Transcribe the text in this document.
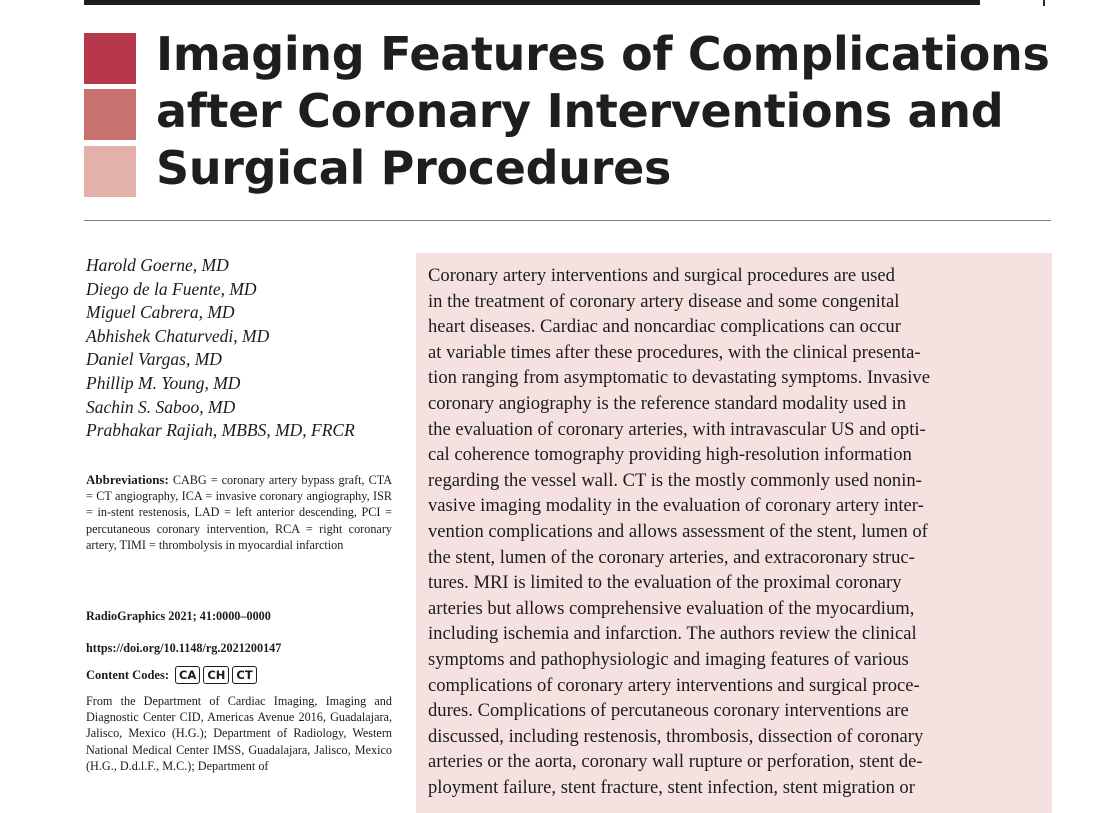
Imaging Features of Complications after Coronary Interventions and Surgical Procedures
Harold Goerne, MD
Diego de la Fuente, MD
Miguel Cabrera, MD
Abhishek Chaturvedi, MD
Daniel Vargas, MD
Phillip M. Young, MD
Sachin S. Saboo, MD
Prabhakar Rajiah, MBBS, MD, FRCR
Abbreviations: CABG = coronary artery bypass graft, CTA = CT angiography, ICA = invasive coronary angiography, ISR = in-stent restenosis, LAD = left anterior descending, PCI = percutaneous coronary intervention, RCA = right coronary artery, TIMI = thrombolysis in myocardial infarction
RadioGraphics 2021; 41:0000–0000
https://doi.org/10.1148/rg.2021200147
Content Codes: CA CH CT
From the Department of Cardiac Imaging, Imaging and Diagnostic Center CID, Americas Avenue 2016, Guadalajara, Jalisco, Mexico (H.G.); Department of Radiology, Western National Medical Center IMSS, Guadalajara, Jalisco, Mexico (H.G., D.d.l.F., M.C.); Department of

Coronary artery interventions and surgical procedures are used
in the treatment of coronary artery disease and some congenital
heart diseases. Cardiac and noncardiac complications can occur
at variable times after these procedures, with the clinical presenta-
tion ranging from asymptomatic to devastating symptoms. Invasive
coronary angiography is the reference standard modality used in
the evaluation of coronary arteries, with intravascular US and opti-
cal coherence tomography providing high-resolution information
regarding the vessel wall. CT is the mostly commonly used nonin-
vasive imaging modality in the evaluation of coronary artery inter-
vention complications and allows assessment of the stent, lumen of
the stent, lumen of the coronary arteries, and extracoronary struc-
tures. MRI is limited to the evaluation of the proximal coronary
arteries but allows comprehensive evaluation of the myocardium,
including ischemia and infarction. The authors review the clinical
symptoms and pathophysiologic and imaging features of various
complications of coronary artery interventions and surgical proce-
dures. Complications of percutaneous coronary interventions are
discussed, including restenosis, thrombosis, dissection of coronary
arteries or the aorta, coronary wall rupture or perforation, stent de-
ployment failure, stent fracture, stent infection, stent migration or
